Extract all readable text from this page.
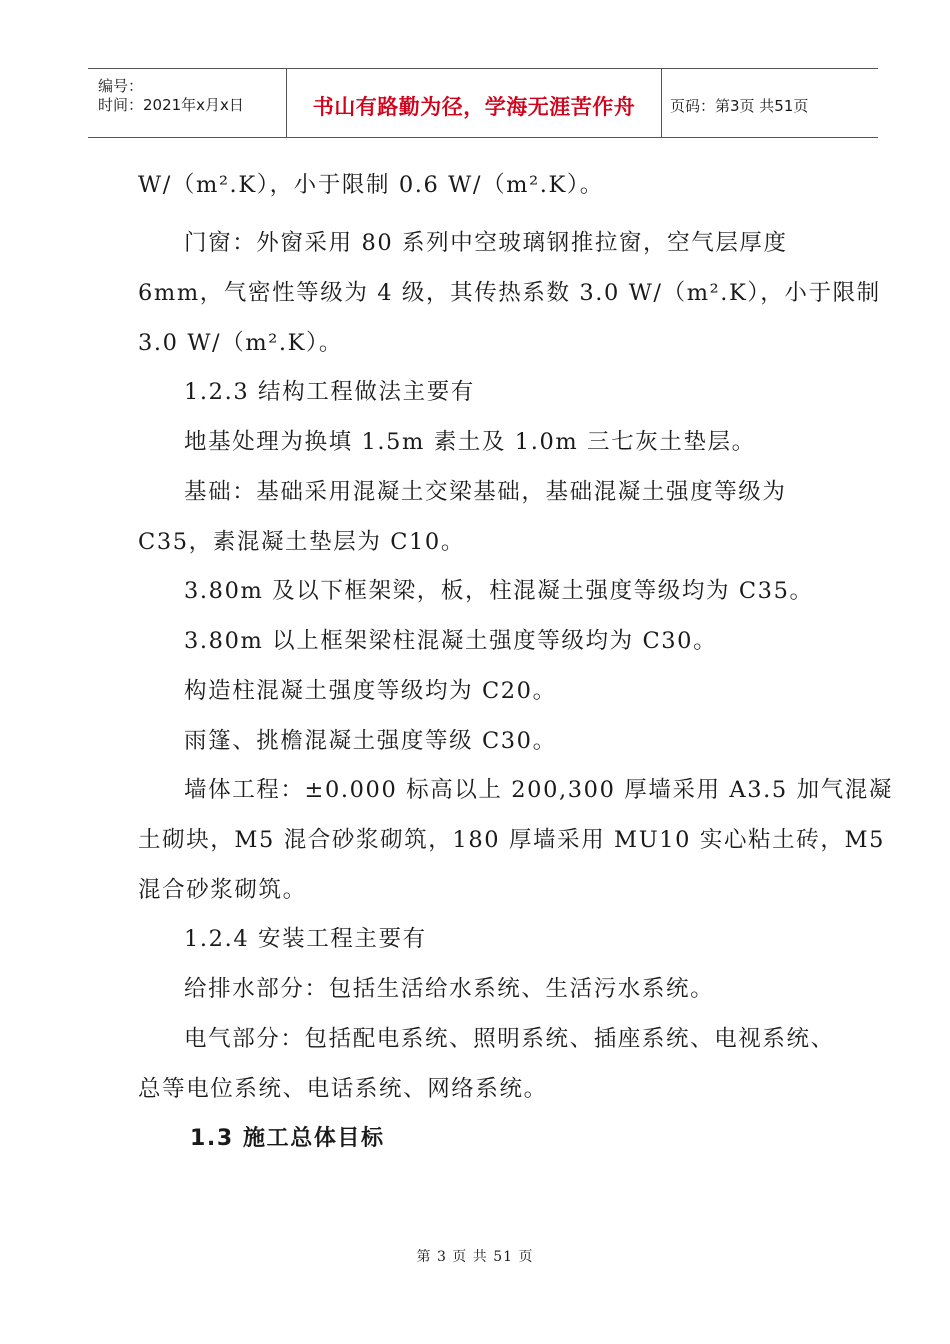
编号：
时间：2021年x月x日	书山有路勤为径，学海无涯苦作舟	页码：第3页 共51页
W/（m².K），小于限制 0.6 W/（m².K）。
门窗：外窗采用 80 系列中空玻璃钢推拉窗，空气层厚度
6mm，气密性等级为 4 级，其传热系数 3.0 W/（m².K），小于限制
3.0 W/（m².K）。
1.2.3 结构工程做法主要有
地基处理为换填 1.5m 素土及 1.0m 三七灰土垫层。
基础：基础采用混凝土交梁基础，基础混凝土强度等级为
C35，素混凝土垫层为 C10。
3.80m 及以下框架梁，板，柱混凝土强度等级均为 C35。
3.80m 以上框架梁柱混凝土强度等级均为 C30。
构造柱混凝土强度等级均为 C20。
雨篷、挑檐混凝土强度等级 C30。
墙体工程：±0.000 标高以上 200,300 厚墙采用 A3.5 加气混凝
土砌块，M5 混合砂浆砌筑，180 厚墙采用 MU10 实心粘土砖，M5
混合砂浆砌筑。
1.2.4 安装工程主要有
给排水部分：包括生活给水系统、生活污水系统。
电气部分：包括配电系统、照明系统、插座系统、电视系统、
总等电位系统、电话系统、网络系统。
1.3 施工总体目标
第 3 页 共 51 页
